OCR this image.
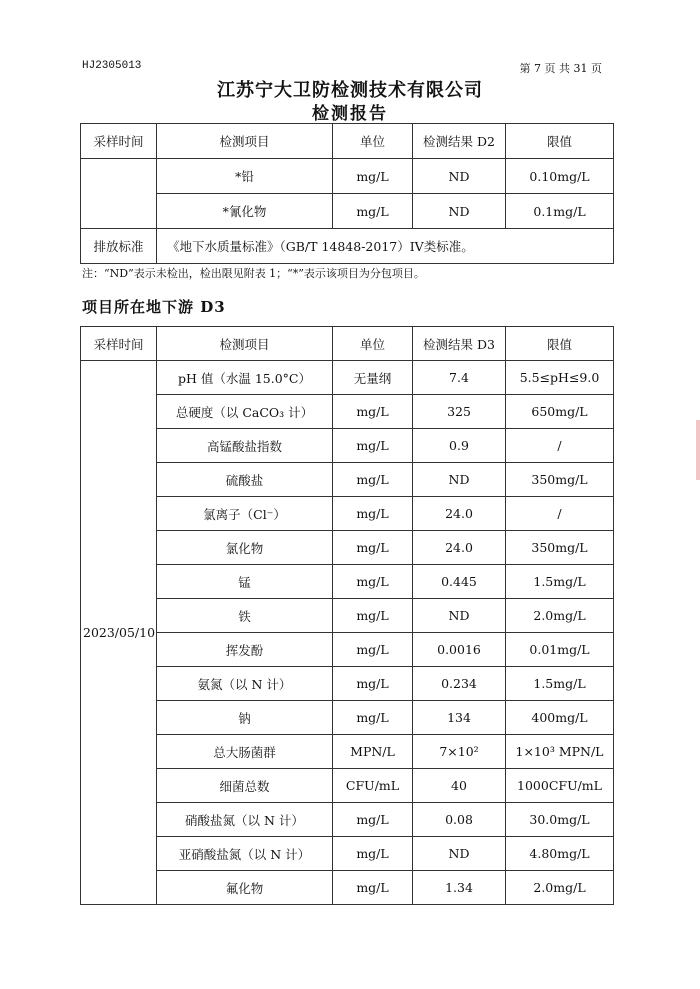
HJ2305013	第 7 页 共 31 页
江苏宁大卫防检测技术有限公司
检测报告
采样时间	检测项目	单位	检测结果 D2	限值
	*铅	mg/L	ND	0.10mg/L
	*氰化物	mg/L	ND	0.1mg/L
排放标准	《地下水质量标准》（GB/T 14848-2017）IV类标准。			
注：“ND”表示未检出，检出限见附表 1；“*”表示该项目为分包项目。
项目所在地下游 D3
采样时间	检测项目	单位	检测结果 D3	限值
2023/05/10	pH 值（水温 15.0°C）	无量纲	7.4	5.5≤pH≤9.0
	总硬度（以 CaCO₃ 计）	mg/L	325	650mg/L
	高锰酸盐指数	mg/L	0.9	/
	硫酸盐	mg/L	ND	350mg/L
	氯离子（Cl⁻）	mg/L	24.0	/
	氯化物	mg/L	24.0	350mg/L
	锰	mg/L	0.445	1.5mg/L
	铁	mg/L	ND	2.0mg/L
	挥发酚	mg/L	0.0016	0.01mg/L
	氨氮（以 N 计）	mg/L	0.234	1.5mg/L
	钠	mg/L	134	400mg/L
	总大肠菌群	MPN/L	7×10²	1×10³ MPN/L
	细菌总数	CFU/mL	40	1000CFU/mL
	硝酸盐氮（以 N 计）	mg/L	0.08	30.0mg/L
	亚硝酸盐氮（以 N 计）	mg/L	ND	4.80mg/L
	氟化物	mg/L	1.34	2.0mg/L
